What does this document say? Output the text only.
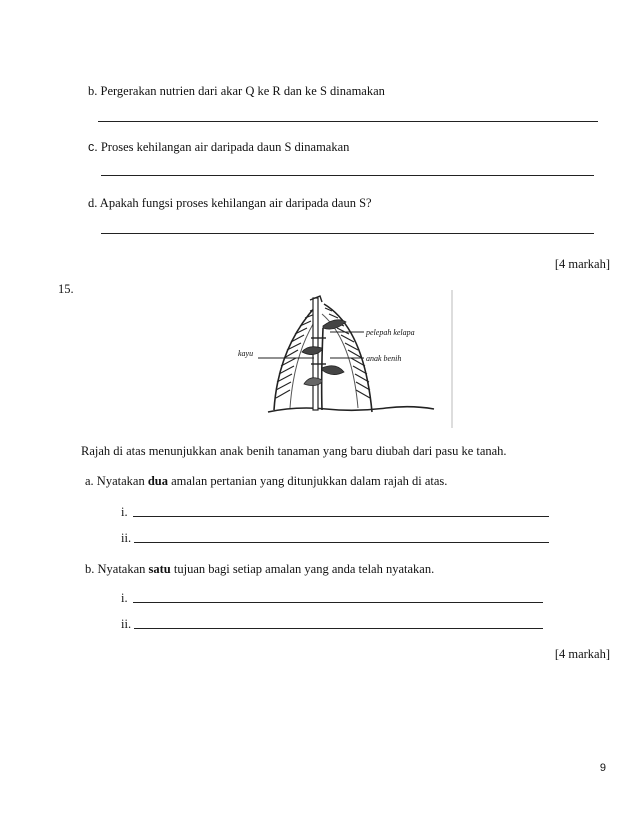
b. Pergerakan nutrien dari akar Q ke R dan ke S dinamakan
c. Proses kehilangan air daripada daun S dinamakan
d. Apakah fungsi proses kehilangan air daripada daun S?
[4 markah]
15.
pelepah kelapa
kayu
anak benih
Rajah di atas menunjukkan anak benih tanaman yang baru diubah dari pasu ke tanah.
a. Nyatakan dua amalan pertanian yang ditunjukkan dalam rajah di atas.
i.
ii.
b. Nyatakan satu tujuan bagi setiap amalan yang anda telah nyatakan.
i.
ii.
[4 markah]
9
